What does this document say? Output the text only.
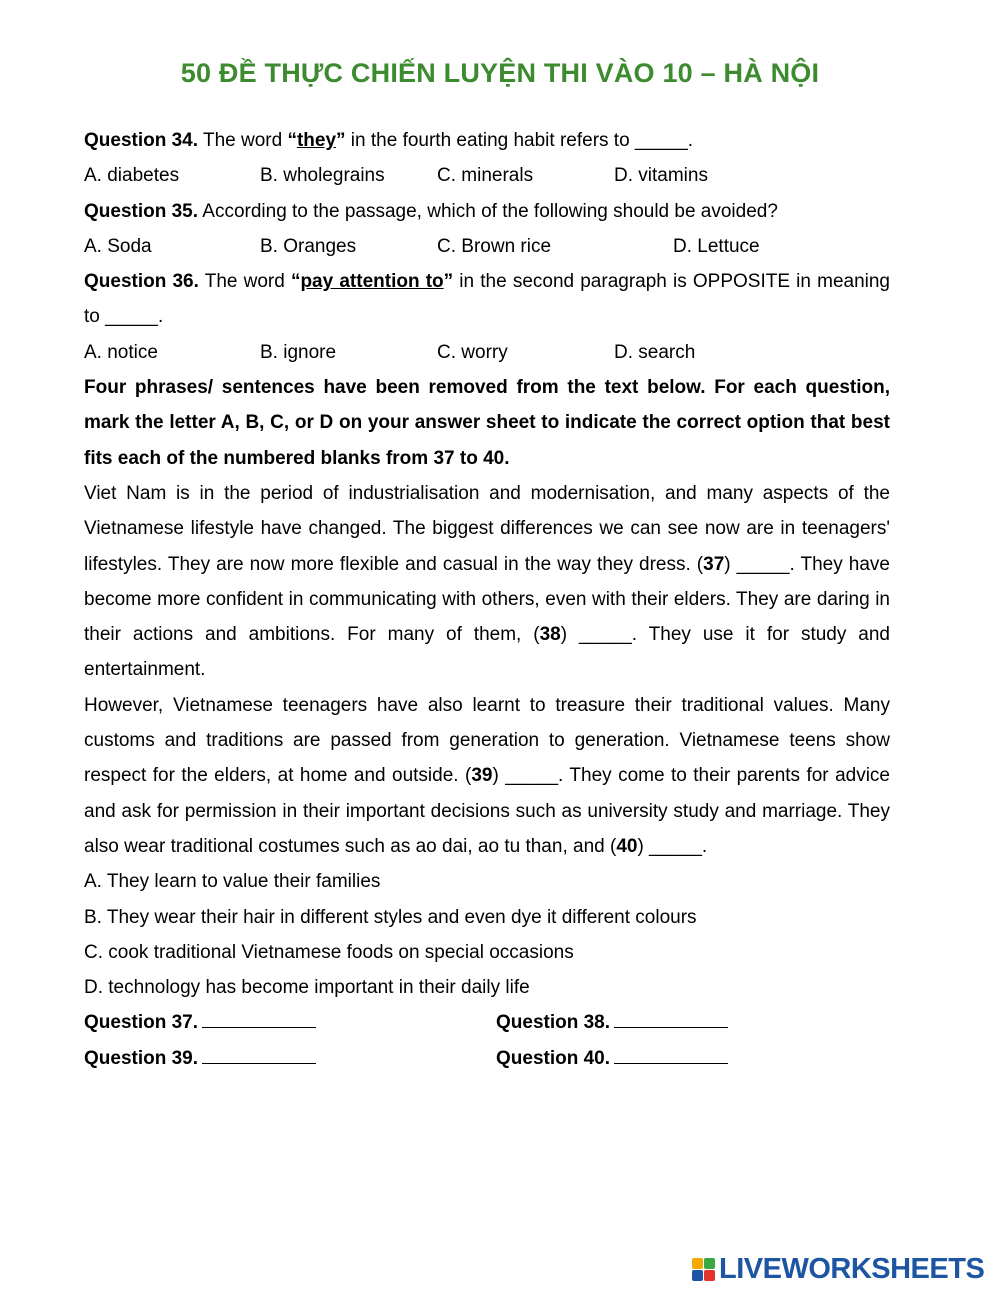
50 ĐỀ THỰC CHIẾN LUYỆN THI VÀO 10 – HÀ NỘI

Question 34. The word “they” in the fourth eating habit refers to _____.

A. diabetes	B. wholegrains	C. minerals	D. vitamins

Question 35. According to the passage, which of the following should be avoided?

A. Soda	B. Oranges	C. Brown rice	D. Lettuce

Question 36. The word “pay attention to” in the second paragraph is OPPOSITE in meaning to _____.

A. notice	B. ignore	C. worry	D. search

Four phrases/ sentences have been removed from the text below. For each question, mark the letter A, B, C, or D on your answer sheet to indicate the correct option that best fits each of the numbered blanks from 37 to 40.

Viet Nam is in the period of industrialisation and modernisation, and many aspects of the Vietnamese lifestyle have changed. The biggest differences we can see now are in teenagers' lifestyles. They are now more flexible and casual in the way they dress. (37) _____. They have become more confident in communicating with others, even with their elders. They are daring in their actions and ambitions. For many of them, (38) _____. They use it for study and entertainment.

However, Vietnamese teenagers have also learnt to treasure their traditional values. Many customs and traditions are passed from generation to generation. Vietnamese teens show respect for the elders, at home and outside. (39) _____. They come to their parents for advice and ask for permission in their important decisions such as university study and marriage. They also wear traditional costumes such as ao dai, ao tu than, and (40) _____.

A. They learn to value their families

B. They wear their hair in different styles and even dye it different colours

C. cook traditional Vietnamese foods on special occasions

D. technology has become important in their daily life

Question 37.	Question 38.
Question 39.	Question 40.
LIVEWORKSHEETS
